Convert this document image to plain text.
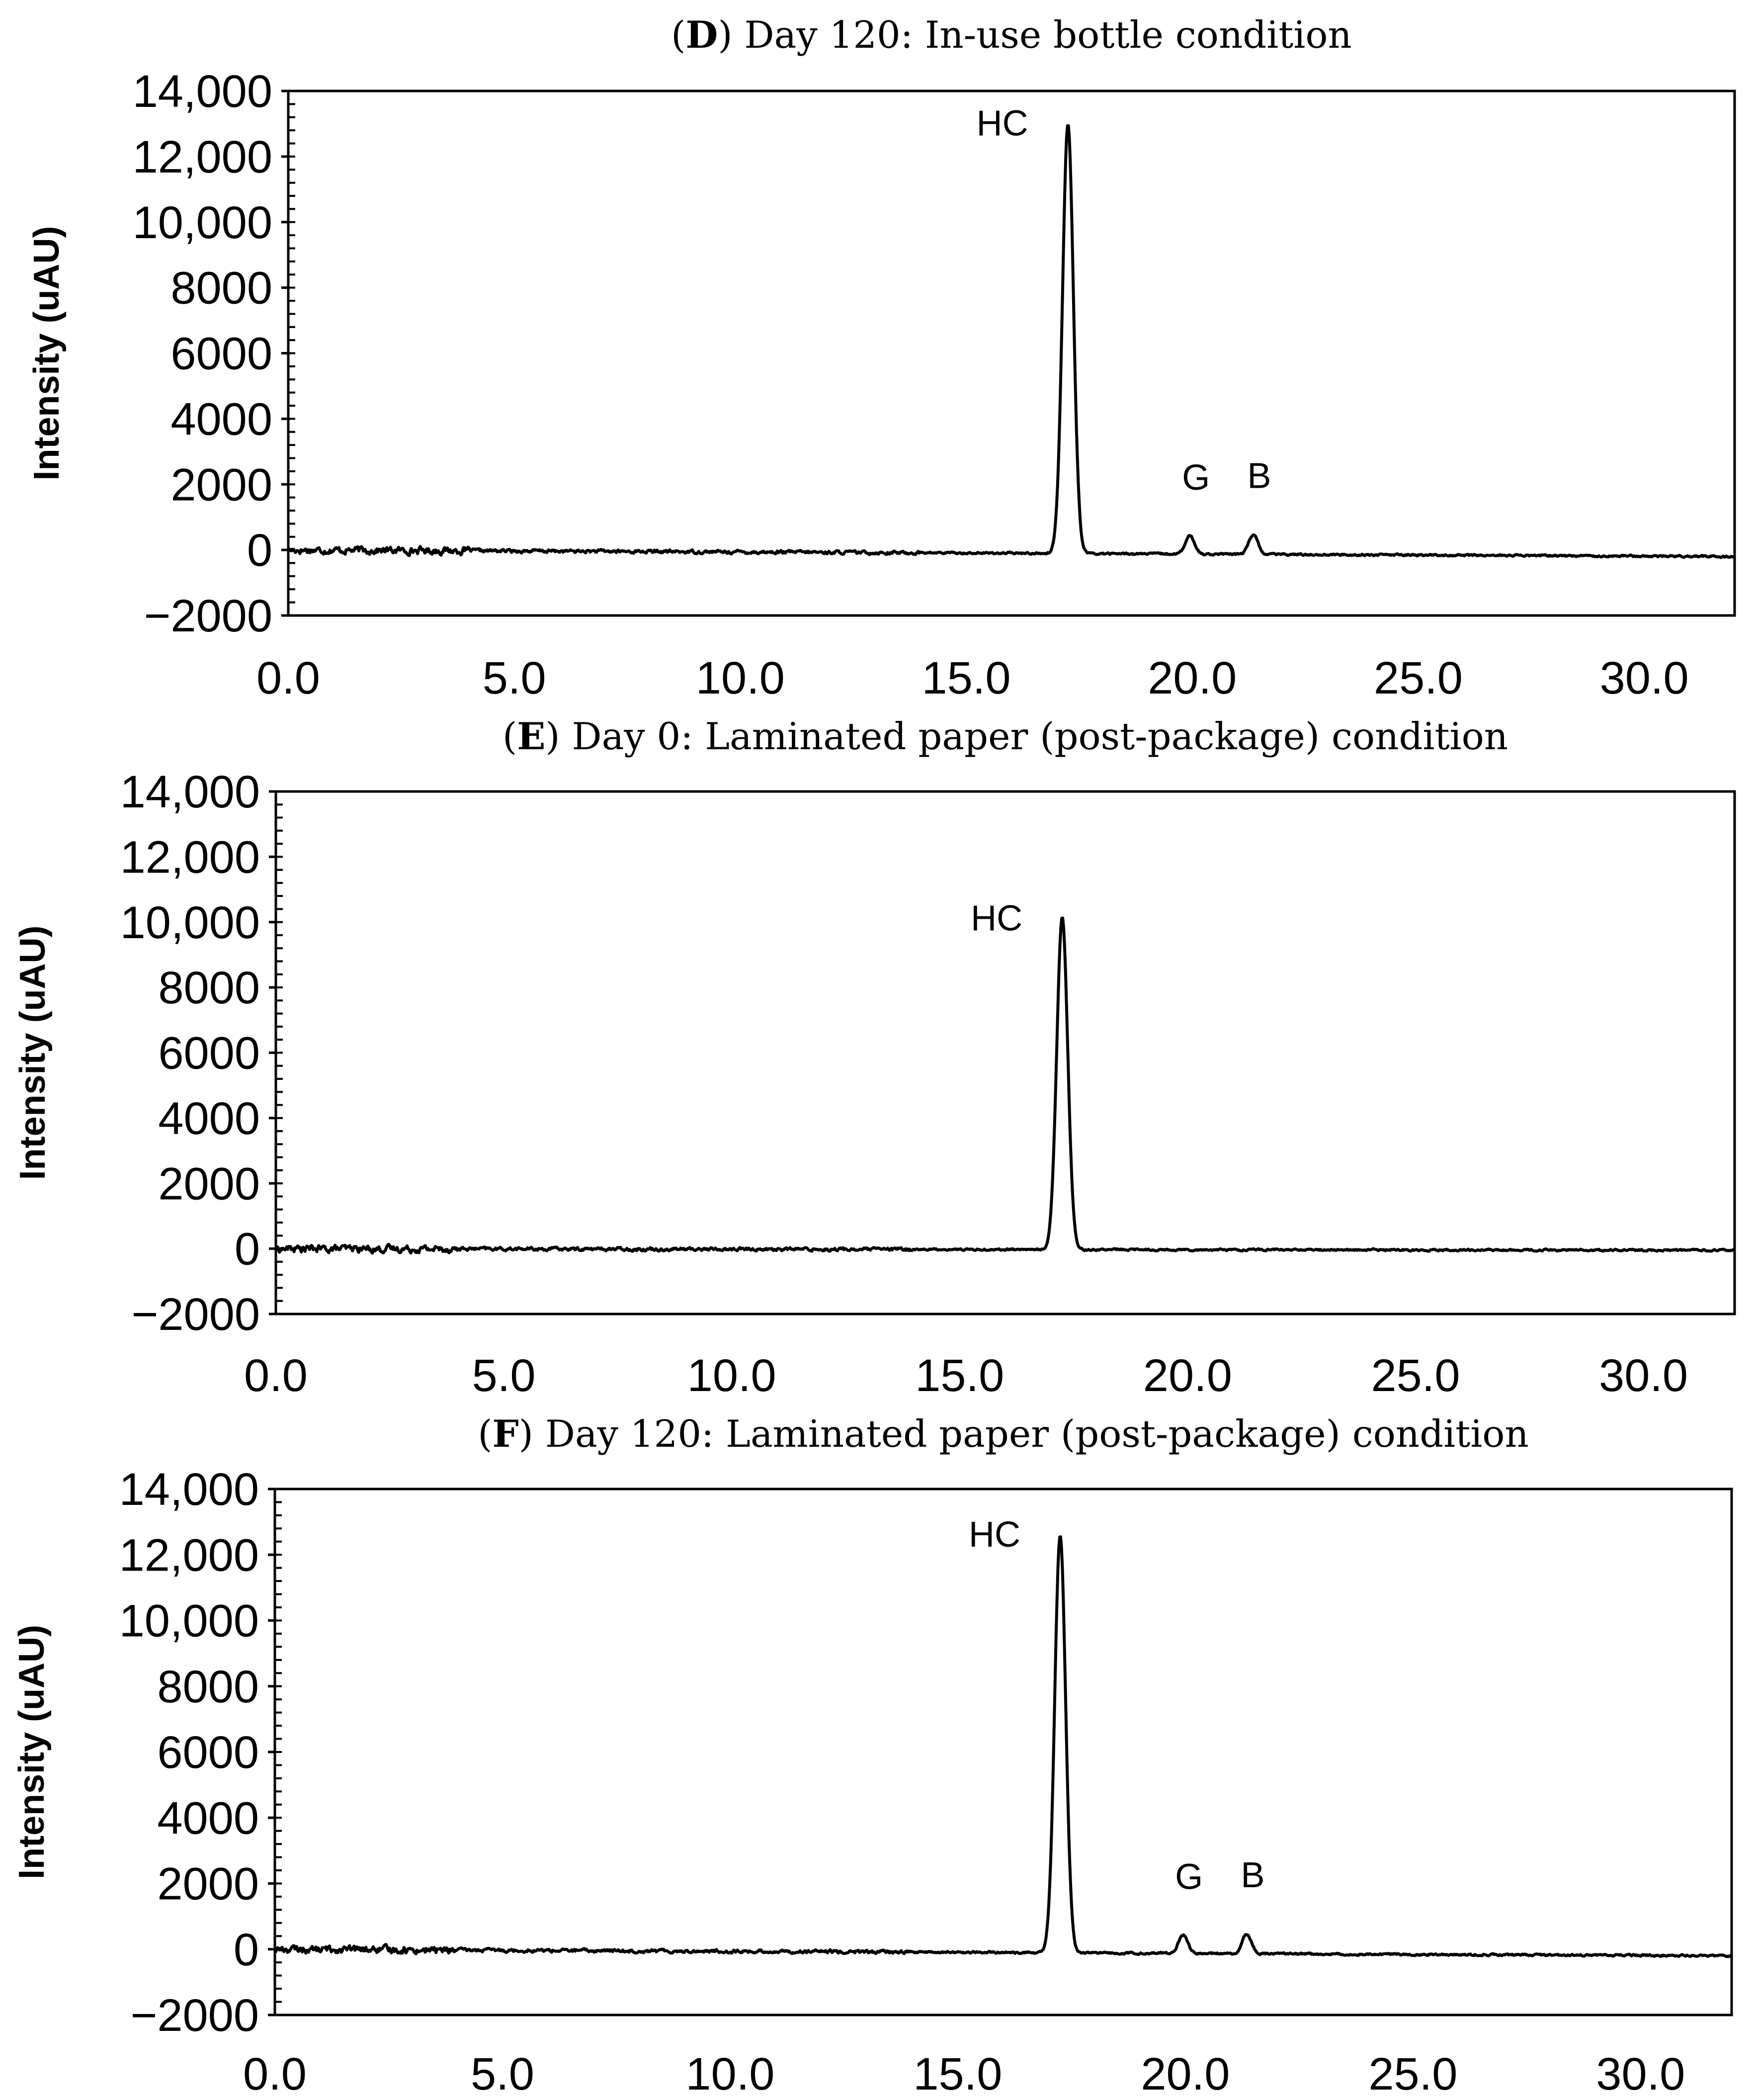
(D) Day 120: In-use bottle condition
−2000
0
2000
4000
6000
8000
10,000
12,000
14,000
0.0	5.0	10.0	15.0	20.0	25.0	30.0
Intensity (uAU)
HC
G B
(E) Day 0: Laminated paper (post-package) condition
−2000
0
2000
4000
6000
8000
10,000
12,000
14,000
0.0	5.0	10.0	15.0	20.0	25.0	30.0
Intensity (uAU)
HC
(F) Day 120: Laminated paper (post-package) condition
−2000
0
2000
4000
6000
8000
10,000
12,000
14,000
0.0	5.0	10.0	15.0	20.0	25.0	30.0
Intensity (uAU)
HC
G B
